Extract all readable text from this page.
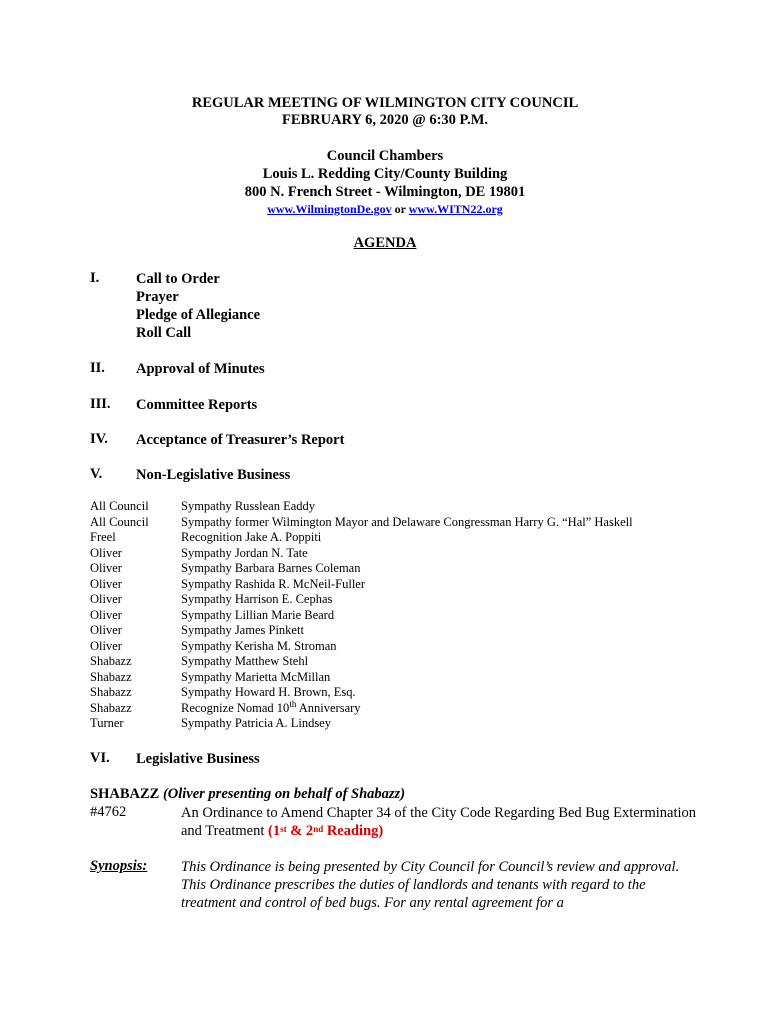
REGULAR MEETING OF WILMINGTON CITY COUNCIL
FEBRUARY 6, 2020 @ 6:30 P.M.
Council Chambers
Louis L. Redding City/County Building
800 N. French Street - Wilmington, DE 19801
www.WilmingtonDe.gov or www.WITN22.org
AGENDA
I.	Call to Order
Prayer
Pledge of Allegiance
Roll Call
II. Approval of Minutes
III. Committee Reports
IV. Acceptance of Treasurer’s Report
V. Non-Legislative Business
All Council	Sympathy Russlean Eaddy
All Council	Sympathy former Wilmington Mayor and Delaware Congressman Harry G. “Hal” Haskell
Freel	Recognition Jake A. Poppiti
Oliver	Sympathy Jordan N. Tate
Oliver	Sympathy Barbara Barnes Coleman
Oliver	Sympathy Rashida R. McNeil-Fuller
Oliver	Sympathy Harrison E. Cephas
Oliver	Sympathy Lillian Marie Beard
Oliver	Sympathy James Pinkett
Oliver	Sympathy Kerisha M. Stroman
Shabazz	Sympathy Matthew Stehl
Shabazz	Sympathy Marietta McMillan
Shabazz	Sympathy Howard H. Brown, Esq.
Shabazz	Recognize Nomad 10th Anniversary
Turner	Sympathy Patricia A. Lindsey
VI. Legislative Business
SHABAZZ (Oliver presenting on behalf of Shabazz)
#4762	An Ordinance to Amend Chapter 34 of the City Code Regarding Bed Bug Extermination and Treatment (1st & 2nd Reading)
Synopsis: This Ordinance is being presented by City Council for Council’s review and approval. This Ordinance prescribes the duties of landlords and tenants with regard to the treatment and control of bed bugs. For any rental agreement for a
